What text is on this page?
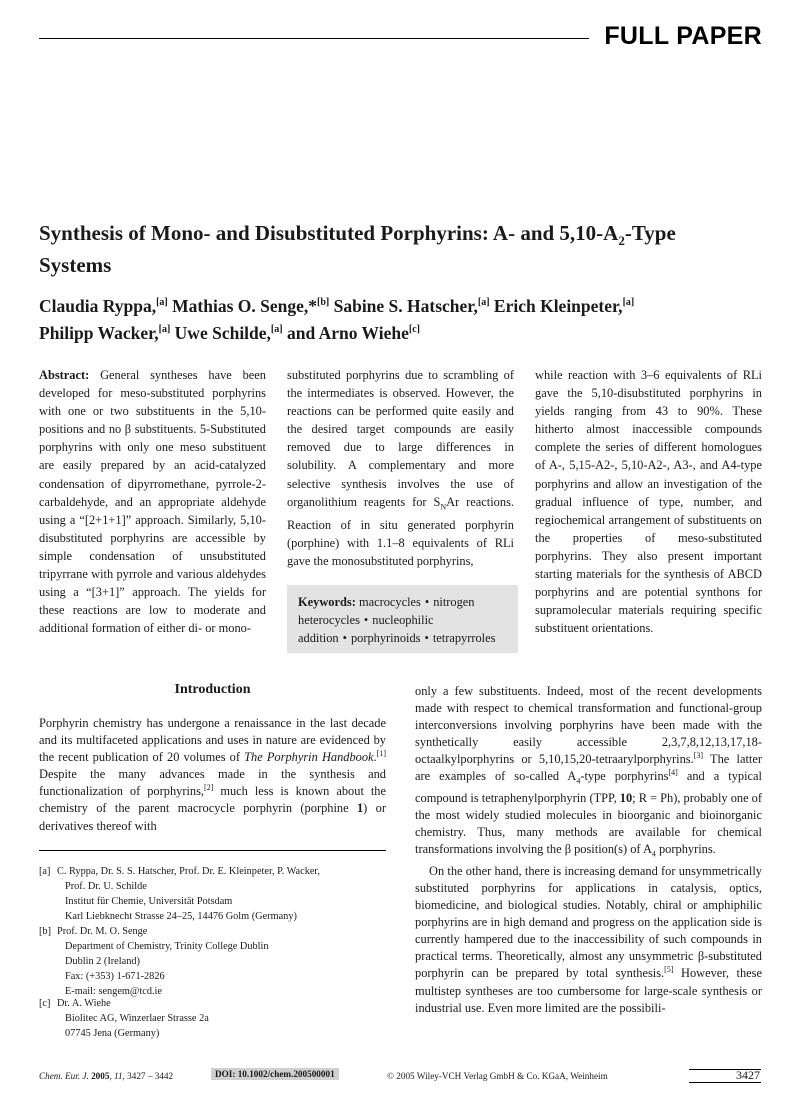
FULL PAPER
Synthesis of Mono- and Disubstituted Porphyrins: A- and $5,10-A_2$-Type
Systems
Claudia Ryppa,[a] Mathias O. Senge,*[b] Sabine S. Hatscher,[a] Erich Kleinpeter,[a]
Philipp Wacker,[a] Uwe Schilde,[a] and Arno Wiehe[c]
Abstract: General syntheses have been developed for meso-substituted porphyrins with one or two substituents in the 5,10-positions and no β substituents. 5-Substituted porphyrins with only one meso substituent are easily prepared by an acid-catalyzed condensation of dipyrromethane, pyrrole-2-carbaldehyde, and an appropriate aldehyde using a “[2+1+1]” approach. Similarly, 5,10-disubstituted porphyrins are accessible by simple condensation of unsubstituted tripyrrane with pyrrole and various aldehydes using a “[3+1]” approach. The yields for these reactions are low to moderate and additional formation of either di- or mono-
substituted porphyrins due to scrambling of the intermediates is observed. However, the reactions can be performed quite easily and the desired target compounds are easily removed due to large differences in solubility. A complementary and more selective synthesis involves the use of organolithium reagents for $S_NAr$ reactions. Reaction of in situ generated porphyrin (porphine) with 1.1–8 equivalents of RLi gave the monosubstituted porphyrins,
while reaction with 3–6 equivalents of RLi gave the 5,10-disubstituted porphyrins in yields ranging from 43 to 90%. These hitherto almost inaccessible compounds complete the series of different homologues of A-, 5,15-A2-, 5,10-A2-, A3-, and A4-type porphyrins and allow an investigation of the gradual influence of type, number, and regiochemical arrangement of substituents on the properties of meso-substituted porphyrins. They also present important starting materials for the synthesis of ABCD porphyrins and are potential synthons for supramolecular materials requiring specific substituent orientations.
Keywords: macrocycles • nitrogen heterocycles • nucleophilic addition • porphyrinoids • tetrapyrroles
Introduction
Porphyrin chemistry has undergone a renaissance in the last decade and its multifaceted applications and uses in nature are evidenced by the recent publication of 20 volumes of The Porphyrin Handbook.[1] Despite the many advances made in the synthesis and functionalization of porphyrins,[2] much less is known about the chemistry of the parent macrocycle porphyrin (porphine 1) or derivatives thereof with

only a few substituents. Indeed, most of the recent developments made with respect to chemical transformation and functional-group interconversions involving porphyrins have been made with the synthetically easily accessible 2,3,7,8,12,13,17,18-octaalkylporphyrins or 5,10,15,20-tetraarylporphyrins.[3] The latter are examples of so-called $A_4$-type porphyrins[4] and a typical compound is tetraphenylporphyrin (TPP, 10; R = Ph), probably one of the most widely studied molecules in bioorganic and bioinorganic chemistry. Thus, many methods are available for chemical transformations involving the β position(s) of $A_4$ porphyrins.

On the other hand, there is increasing demand for unsymmetrically substituted porphyrins for applications in catalysis, optics, biomedicine, and biological studies. Notably, chiral or amphiphilic porphyrins are in high demand and progress on the application side is currently hampered due to the inaccessibility of such compounds in practical terms. Theoretically, almost any unsymmetric β-substituted porphyrin can be prepared by total synthesis.[5] However, these multistep syntheses are too cumbersome for large-scale synthesis or industrial use. Even more limited are the possibili-

[a] C. Ryppa, Dr. S. S. Hatscher, Prof. Dr. E. Kleinpeter, P. Wacker,
Prof. Dr. U. Schilde
Institut für Chemie, Universität Potsdam
Karl Liebknecht Strasse 24–25, 14476 Golm (Germany)
[b] Prof. Dr. M. O. Senge
Department of Chemistry, Trinity College Dublin
Dublin 2 (Ireland)
Fax: (+353) 1-671-2826
E-mail: sengem@tcd.ie
[c] Dr. A. Wiehe
Biolitec AG, Winzerlaer Strasse 2a
07745 Jena (Germany)
Chem. Eur. J. 2005, 11, 3427 – 3442	DOI: 10.1002/chem.200500001	© 2005 Wiley-VCH Verlag GmbH & Co. KGaA, Weinheim	3427
